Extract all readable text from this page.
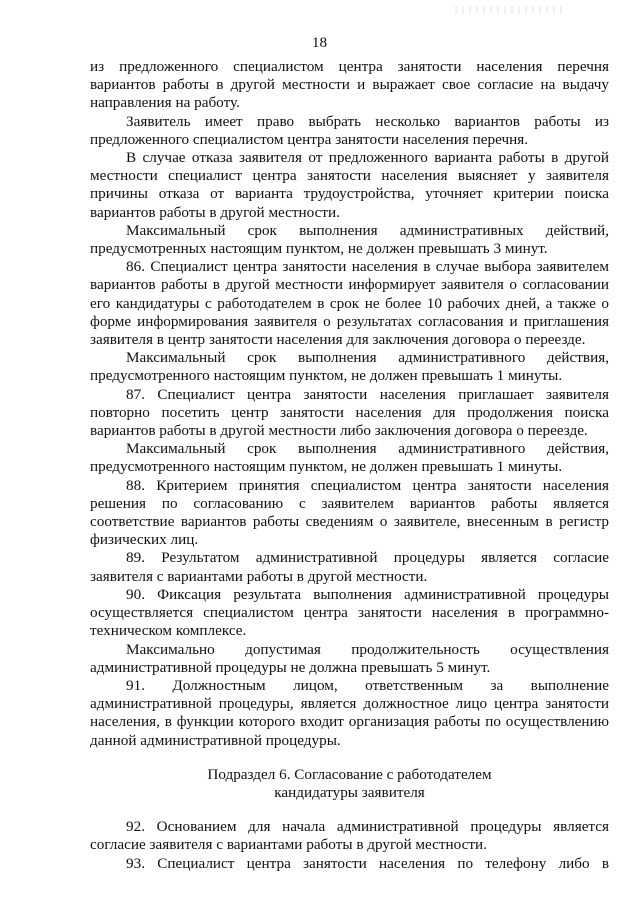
18

из предложенного специалистом центра занятости населения перечня вариантов работы в другой местности и выражает свое согласие на выдачу направления на работу.

Заявитель имеет право выбрать несколько вариантов работы из предложенного специалистом центра занятости населения перечня.

В случае отказа заявителя от предложенного варианта работы в другой местности специалист центра занятости населения выясняет у заявителя причины отказа от варианта трудоустройства, уточняет критерии поиска вариантов работы в другой местности.

Максимальный срок выполнения административных действий, предусмотренных настоящим пунктом, не должен превышать 3 минут.

86. Специалист центра занятости населения в случае выбора заявителем вариантов работы в другой местности информирует заявителя о согласовании его кандидатуры с работодателем в срок не более 10 рабочих дней, а также о форме информирования заявителя о результатах согласования и приглашения заявителя в центр занятости населения для заключения договора о переезде.

Максимальный срок выполнения административного действия, предусмотренного настоящим пунктом, не должен превышать 1 минуты.

87. Специалист центра занятости населения приглашает заявителя повторно посетить центр занятости населения для продолжения поиска вариантов работы в другой местности либо заключения договора о переезде.

Максимальный срок выполнения административного действия, предусмотренного настоящим пунктом, не должен превышать 1 минуты.

88. Критерием принятия специалистом центра занятости населения решения по согласованию с заявителем вариантов работы является соответствие вариантов работы сведениям о заявителе, внесенным в регистр физических лиц.

89. Результатом административной процедуры является согласие заявителя с вариантами работы в другой местности.

90. Фиксация результата выполнения административной процедуры осуществляется специалистом центра занятости населения в программно-техническом комплексе.

Максимально допустимая продолжительность осуществления административной процедуры не должна превышать 5 минут.

91. Должностным лицом, ответственным за выполнение административной процедуры, является должностное лицо центра занятости населения, в функции которого входит организация работы по осуществлению данной административной процедуры.

Подраздел 6. Согласование с работодателем

кандидатуры заявителя

92. Основанием для начала административной процедуры является согласие заявителя с вариантами работы в другой местности.

93. Специалист центра занятости населения по телефону либо в
